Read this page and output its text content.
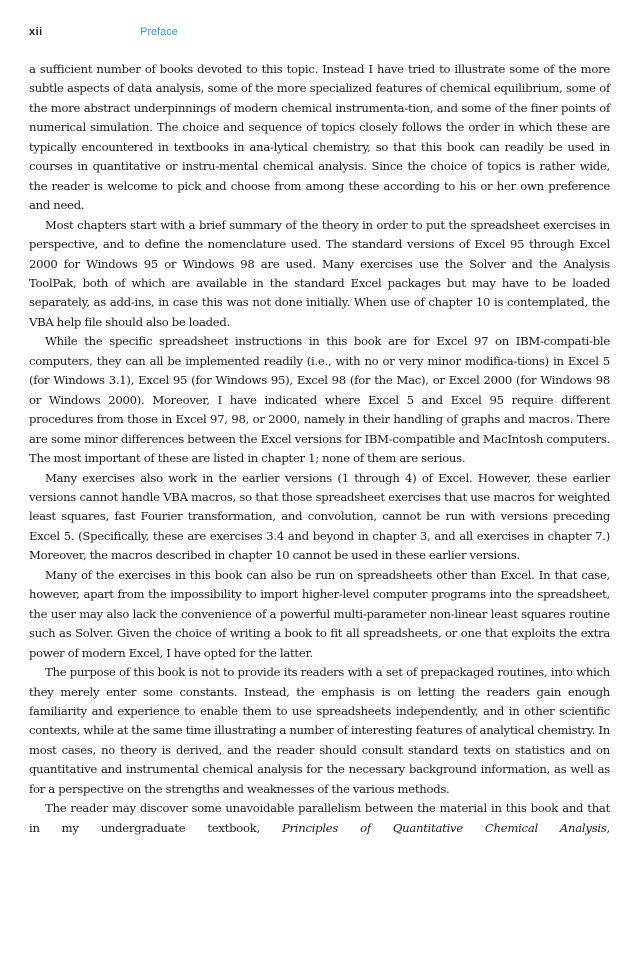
xii	Preface

a sufficient number of books devoted to this topic. Instead I have tried to illustrate some of the more subtle aspects of data analysis, some of the more specialized features of chemical equilibrium, some of the more abstract underpinnings of modern chemical instrumenta-tion, and some of the finer points of numerical simulation. The choice and sequence of topics closely follows the order in which these are typically encountered in textbooks in ana-lytical chemistry, so that this book can readily be used in courses in quantitative or instru-mental chemical analysis. Since the choice of topics is rather wide, the reader is welcome to pick and choose from among these according to his or her own preference and need.

Most chapters start with a brief summary of the theory in order to put the spreadsheet exercises in perspective, and to define the nomenclature used. The standard versions of Excel 95 through Excel 2000 for Windows 95 or Windows 98 are used. Many exercises use the Solver and the Analysis ToolPak, both of which are available in the standard Excel packages but may have to be loaded separately, as add-ins, in case this was not done initially. When use of chapter 10 is contemplated, the VBA help file should also be loaded.

While the specific spreadsheet instructions in this book are for Excel 97 on IBM-compati-ble computers, they can all be implemented readily (i.e., with no or very minor modifica-tions) in Excel 5 (for Windows 3.1), Excel 95 (for Windows 95), Excel 98 (for the Mac), or Excel 2000 (for Windows 98 or Windows 2000). Moreover, I have indicated where Excel 5 and Excel 95 require different procedures from those in Excel 97, 98, or 2000, namely in their handling of graphs and macros. There are some minor differences between the Excel versions for IBM-compatible and MacIntosh computers. The most important of these are listed in chapter 1; none of them are serious.

Many exercises also work in the earlier versions (1 through 4) of Excel. However, these earlier versions cannot handle VBA macros, so that those spreadsheet exercises that use macros for weighted least squares, fast Fourier transformation, and convolution, cannot be run with versions preceding Excel 5. (Specifically, these are exercises 3.4 and beyond in chapter 3, and all exercises in chapter 7.) Moreover, the macros described in chapter 10 cannot be used in these earlier versions.

Many of the exercises in this book can also be run on spreadsheets other than Excel. In that case, however, apart from the impossibility to import higher-level computer programs into the spreadsheet, the user may also lack the convenience of a powerful multi-parameter non-linear least squares routine such as Solver. Given the choice of writing a book to fit all spreadsheets, or one that exploits the extra power of modern Excel, I have opted for the latter.

The purpose of this book is not to provide its readers with a set of prepackaged routines, into which they merely enter some constants. Instead, the emphasis is on letting the readers gain enough familiarity and experience to enable them to use spreadsheets independently, and in other scientific contexts, while at the same time illustrating a number of interesting features of analytical chemistry. In most cases, no theory is derived, and the reader should consult standard texts on statistics and on quantitative and instrumental chemical analysis for the necessary background information, as well as for a perspective on the strengths and weaknesses of the various methods.

The reader may discover some unavoidable parallelism between the material in this book and that in my undergraduate textbook, Principles of Quantitative Chemical Analysis,
